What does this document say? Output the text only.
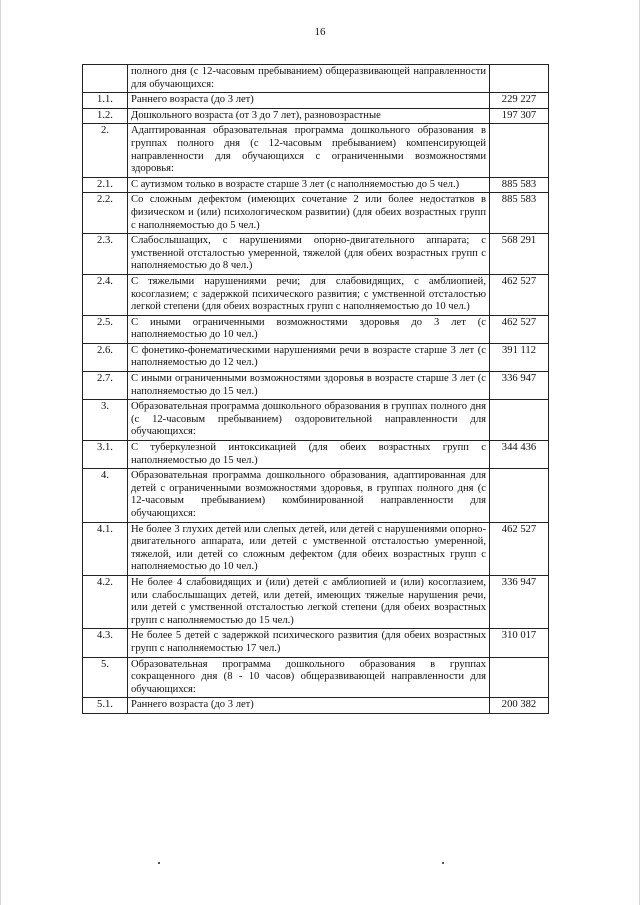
16
	полного дня (с 12-часовым пребыванием) общеразвивающей направленности для обучающихся:	
1.1.	Раннего возраста (до 3 лет)	229 227
1.2.	Дошкольного возраста (от 3 до 7 лет), разновозрастные	197 307
2.	Адаптированная образовательная программа дошкольного образования в группах полного дня (с 12-часовым пребыванием) компенсирующей направленности для обучающихся с ограниченными возможностями здоровья:	
2.1.	С аутизмом только в возрасте старше 3 лет (с наполняемостью до 5 чел.)	885 583
2.2.	Со сложным дефектом (имеющих сочетание 2 или более недостатков в физическом и (или) психологическом развитии) (для обеих возрастных групп с наполняемостью до 5 чел.)	885 583
2.3.	Слабослышащих, с нарушениями опорно-двигательного аппарата; с умственной отсталостью умеренной, тяжелой (для обеих возрастных групп с наполняемостью до 8 чел.)	568 291
2.4.	С тяжелыми нарушениями речи; для слабовидящих, с амблиопией, косоглазием; с задержкой психического развития; с умственной отсталостью легкой степени (для обеих возрастных групп с наполняемостью до 10 чел.)	462 527
2.5.	С иными ограниченными возможностями здоровья до 3 лет (с наполняемостью до 10 чел.)	462 527
2.6.	С фонетико-фонематическими нарушениями речи в возрасте старше 3 лет (с наполняемостью до 12 чел.)	391 112
2.7.	С иными ограниченными возможностями здоровья в возрасте старше 3 лет (с наполняемостью до 15 чел.)	336 947
3.	Образовательная программа дошкольного образования в группах полного дня (с 12-часовым пребыванием) оздоровительной направленности для обучающихся:	
3.1.	С туберкулезной интоксикацией (для обеих возрастных групп с наполняемостью до 15 чел.)	344 436
4.	Образовательная программа дошкольного образования, адаптированная для детей с ограниченными возможностями здоровья, в группах полного дня (с 12-часовым пребыванием) комбинированной направленности для обучающихся:	
4.1.	Не более 3 глухих детей или слепых детей, или детей с нарушениями опорно-двигательного аппарата, или детей с умственной отсталостью умеренной, тяжелой, или детей со сложным дефектом (для обеих возрастных групп с наполняемостью до 10 чел.)	462 527
4.2.	Не более 4 слабовидящих и (или) детей с амблиопией и (или) косоглазием, или слабослышащих детей, или детей, имеющих тяжелые нарушения речи, или детей с умственной отсталостью легкой степени (для обеих возрастных групп с наполняемостью до 15 чел.)	336 947
4.3.	Не более 5 детей с задержкой психического развития (для обеих возрастных групп с наполняемостью 17 чел.)	310 017
5.	Образовательная программа дошкольного образования в группах сокращенного дня (8 - 10 часов) общеразвивающей направленности для обучающихся:	
5.1.	Раннего возраста (до 3 лет)	200 382
